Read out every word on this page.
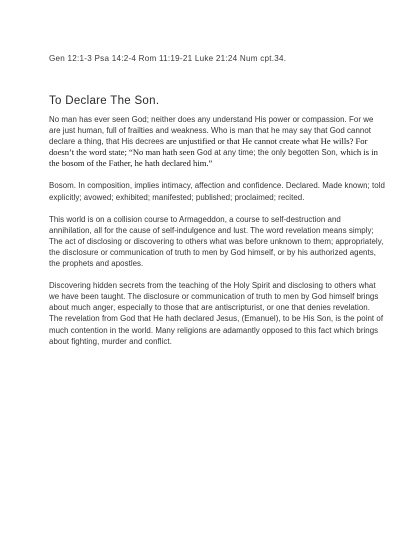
Gen 12:1-3 Psa 14:2-4 Rom 11:19-21 Luke 21:24 Num cpt.34.
To Declare The Son.

No man has ever seen God; neither does any understand His power or compassion. For we are just human, full of frailties and weakness. Who is man that he may say that God cannot declare a thing, that His decrees are unjustified or that He cannot create what He wills? For doesn’t the word state; “No man hath seen God at any time; the only begotten Son, which is in the bosom of the Father, he hath declared him.”

Bosom. In composition, implies intimacy, affection and confidence. Declared. Made known; told explicitly; avowed; exhibited; manifested; published; proclaimed; recited.

This world is on a collision course to Armageddon, a course to self-destruction and annihilation, all for the cause of self-indulgence and lust. The word revelation means simply; The act of disclosing or discovering to others what was before unknown to them; appropriately, the disclosure or communication of truth to men by God himself, or by his authorized agents, the prophets and apostles.

Discovering hidden secrets from the teaching of the Holy Spirit and disclosing to others what we have been taught. The disclosure or communication of truth to men by God himself brings about much anger, especially to those that are antiscripturist, or one that denies revelation. The revelation from God that He hath declared Jesus, (Emanuel), to be His Son, is the point of much contention in the world. Many religions are adamantly opposed to this fact which brings about fighting, murder and conflict.
